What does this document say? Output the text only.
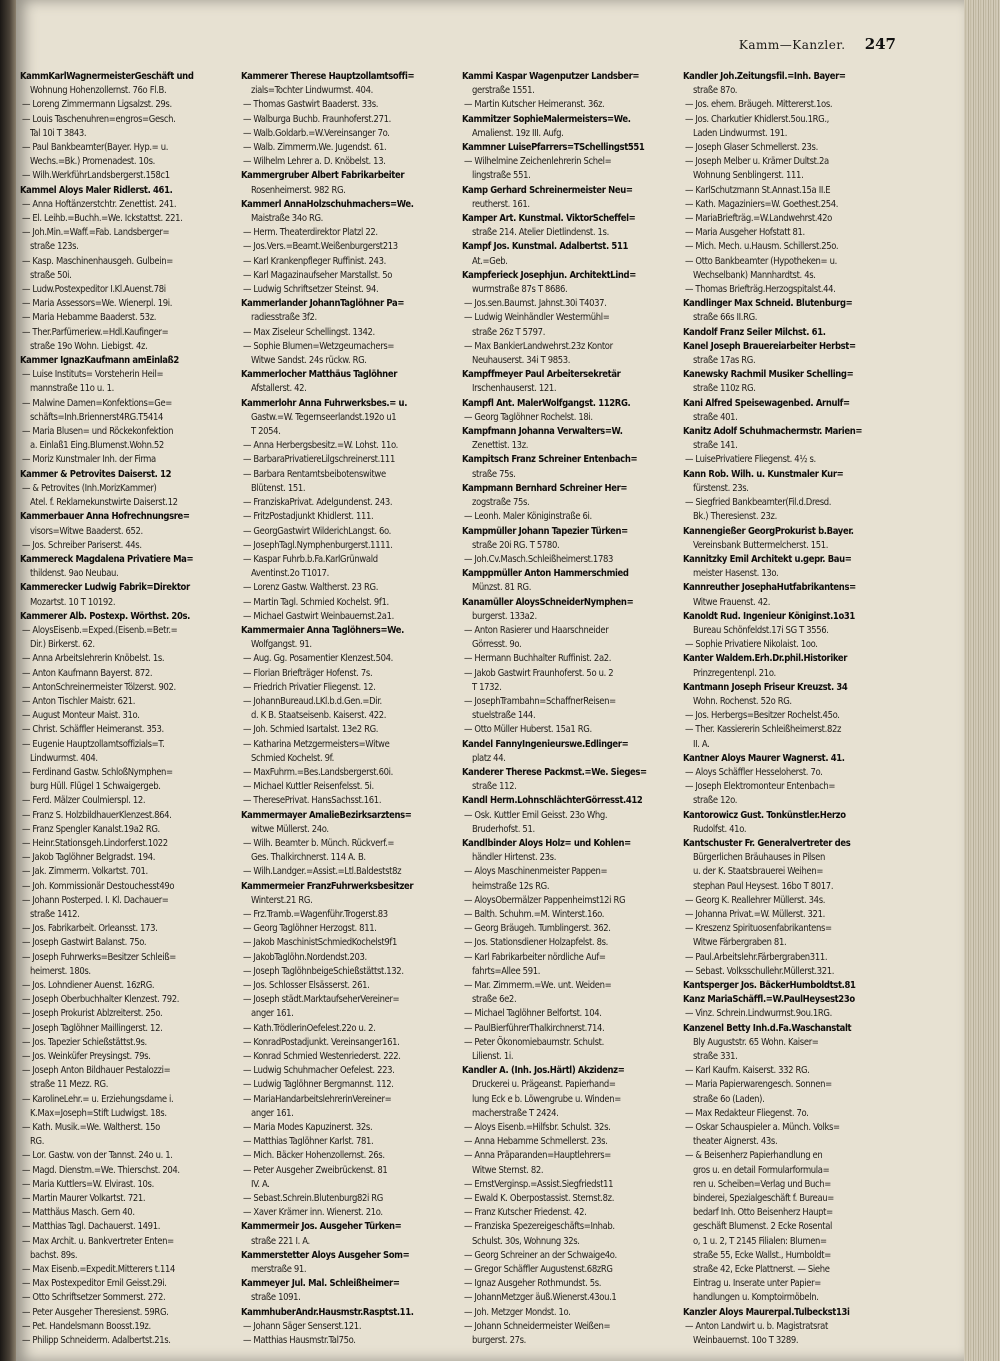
Kamm—Kanzler. 247
KammKarlWagnermeisterGeschäft und
Wohnung Hohenzollernst. 76o Fl.B.
— Loreng Zimmermann Ligsalzst. 29s.
— Louis Taschenuhren=engros=Gesch.
Tal 10i T 3843.
— Paul Bankbeamter(Bayer. Hyp.= u.
Wechs.=Bk.) Promenadest. 10s.
— Wilh.WerkführLandsbergerst.158c1
Kammel Aloys Maler Ridlerst. 461.
— Anna Hoftänzerstchtr. Zenettist. 241.
— El. Leihb.=Buchh.=We. Ickstattst. 221.
— Joh.Min.=Waff.=Fab. Landsberger=
straße 123s.
— Kasp. Maschinenhausgeh. Gulbein=
straße 50i.
— Ludw.Postexpeditor I.Kl.Auenst.78i
— Maria Assessors=We. Wienerpl. 19i.
— Maria Hebamme Baaderst. 53z.
— Ther.Parfümeriew.=Hdl.Kaufinger=
straße 19o Wohn. Liebigst. 4z.
Kammer IgnazKaufmann amEinlaß2
— Luise Instituts= Vorsteherin Heil=
mannstraße 11o u. 1.
— Malwine Damen=Konfektions=Ge=
schäfts=Inh.Briennerst4RG.T5414
— Maria Blusen= und Röckekonfektion
a. Einlaß1 Eing.Blumenst.Wohn.52
— Moriz Kunstmaler Inh. der Firma
Kammer & Petrovites Daiserst. 12
— & Petrovites (Inh.MorizKammer)
Atel. f. Reklamekunstwirte Daiserst.12
Kammerbauer Anna Hofrechnungsre=
visors=Witwe Baaderst. 652.
— Jos. Schreiber Pariserst. 44s.
Kammereck Magdalena Privatiere Ma=
thildenst. 9ao Neubau.
Kammerecker Ludwig Fabrik=Direktor
Mozartst. 10 T 10192.
Kammerer Alb. Postexp. Wörthst. 20s.
— AloysEisenb.=Exped.(Eisenb.=Betr.=
Dir.) Birkerst. 62.
— Anna Arbeitslehrerin Knöbelst. 1s.
— Anton Kaufmann Bayerst. 872.
— AntonSchreinermeister Tölzerst. 902.
— Anton Tischler Maistr. 621.
— August Monteur Maist. 31o.
— Christ. Schäffler Heimeranst. 353.
— Eugenie Hauptzollamtsoffizials=T.
Lindwurmst. 404.
— Ferdinand Gastw. SchloßNymphen=
burg Hüll. Flügel 1 Schwaigergeb.
— Ferd. Mälzer Coulmierspl. 12.
— Franz S. HolzbildhauerKlenzest.864.
— Franz Spengler Kanalst.19a2 RG.
— Heinr.Stationsgeh.Lindorferst.1022
— Jakob Taglöhner Belgradst. 194.
— Jak. Zimmerm. Volkartst. 701.
— Joh. Kommissionär Destouchesst49o
— Johann Posterped. I. Kl. Dachauer=
straße 1412.
— Jos. Fabrikarbeit. Orleansst. 173.
— Joseph Gastwirt Balanst. 75o.
— Joseph Fuhrwerks=Besitzer Schleiß=
heimerst. 180s.
— Jos. Lohndiener Auenst. 16zRG.
— Joseph Oberbuchhalter Klenzest. 792.
— Joseph Prokurist Ablzreiterst. 25o.
— Joseph Taglöhner Maillingerst. 12.
— Jos. Tapezier Schießstättst.9s.
— Jos. Weinküfer Preysingst. 79s.
— Joseph Anton Bildhauer Pestalozzi=
straße 11 Mezz. RG.
— KarolineLehr.= u. Erziehungsdame i.
K.Max=Joseph=Stift Ludwigst. 18s.
— Kath. Musik.=We. Waltherst. 15o
RG.
— Lor. Gastw. von der Tannst. 24o u. 1.
— Magd. Dienstm.=We. Thierschst. 204.
— Maria Kuttlers=W. Elvirast. 10s.
— Martin Maurer Volkartst. 721.
— Matthäus Masch. Gern 40.
— Matthias Tagl. Dachauerst. 1491.
— Max Archit. u. Bankvertreter Enten=
bachst. 89s.
— Max Eisenb.=Expedit.Mitterers t.114
— Max Postexpeditor Emil Geisst.29i.
— Otto Schriftsetzer Sommerst. 272.
— Peter Ausgeher Theresienst. 59RG.
— Pet. Handelsmann Boosst.19z.
— Philipp Schneiderm. Adalbertst.21s.
Kammerer Therese Hauptzollamtsoffi=
zials=Tochter Lindwurmst. 404.
— Thomas Gastwirt Baaderst. 33s.
— Walburga Buchb. Fraunhoferst.271.
— Walb.Goldarb.=W.Vereinsanger 7o.
— Walb. Zimmerm.We. Jugendst. 61.
— Wilhelm Lehrer a. D. Knöbelst. 13.
Kammergruber Albert Fabrikarbeiter
Rosenheimerst. 982 RG.
Kammerl AnnaHolzschuhmachers=We.
Maistraße 34o RG.
— Herm. Theaterdirektor Platzl 22.
— Jos.Vers.=Beamt.Weißenburgerst213
— Karl Krankenpfleger Ruffinist. 243.
— Karl Magazinaufseher Marstallst. 5o
— Ludwig Schriftsetzer Steinst. 94.
Kammerlander JohannTaglöhner Pa=
radiesstraße 3f2.
— Max Ziseleur Schellingst. 1342.
— Sophie Blumen=Wetzgeumachers=
Witwe Sandst. 24s rückw. RG.
Kammerlocher Matthäus Taglöhner
Afstallerst. 42.
Kammerlohr Anna Fuhrwerksbes.= u.
Gastw.=W. Tegernseerlandst.192o u1
T 2054.
— Anna Herbergsbesitz.=W. Lohst. 11o.
— BarbaraPrivatiereLilgschreinerst.111
— Barbara Rentamtsbeibotenswitwe
Blütenst. 151.
— FranziskaPrivat. Adelgundenst. 243.
— FritzPostadjunkt Khidlerst. 111.
— GeorgGastwirt WilderichLangst. 6o.
— JosephTagl.Nymphenburgerst.1111.
— Kaspar Fuhrb.b.Fa.KarlGrünwald
Aventinst.2o T1017.
— Lorenz Gastw. Waltherst. 23 RG.
— Martin Tagl. Schmied Kochelst. 9f1.
— Michael Gastwirt Weinbauernst.2a1.
Kammermaier Anna Taglöhners=We.
Wolfgangst. 91.
— Aug. Gg. Posamentier Klenzest.504.
— Florian Briefträger Hofenst. 7s.
— Friedrich Privatier Fliegenst. 12.
— JohannBureaud.LKl.b.d.Gen.=Dir.
d. K B. Staatseisenb. Kaiserst. 422.
— Joh. Schmied Isartalst. 13e2 RG.
— Katharina Metzgermeisters=Witwe
Schmied Kochelst. 9f.
— MaxFuhrm.=Bes.Landsbergerst.60i.
— Michael Kuttler Reisenfelsst. 5i.
— TheresePrivat. HansSachsst.161.
Kammermayer AmalieBezirksarztens=
witwe Müllerst. 24o.
— Wilh. Beamter b. Münch. Rückverf.=
Ges. Thalkirchnerst. 114 A. B.
— Wilh.Landger.=Assist.=Ltl.Baldestst8z
Kammermeier FranzFuhrwerksbesitzer
Winterst.21 RG.
— Frz.Tramb.=Wagenführ.Trogerst.83
— Georg Taglöhner Herzogst. 811.
— Jakob MaschinistSchmiedKochelst9f1
— JakobTaglöhn.Nordendst.203.
— Joseph TaglöhnbeigeSchießstättst.132.
— Jos. Schlosser Elsässerst. 261.
— Joseph städt.MarktaufseherVereiner=
anger 161.
— Kath.TrödlerinOefelest.22o u. 2.
— KonradPostadjunkt. Vereinsanger161.
— Konrad Schmied Westenriederst. 222.
— Ludwig Schuhmacher Oefelest. 223.
— Ludwig Taglöhner Bergmannst. 112.
— MariaHandarbeitslehrerinVereiner=
anger 161.
— Maria Modes Kapuzinerst. 32s.
— Matthias Taglöhner Karlst. 781.
— Mich. Bäcker Hohenzollernst. 26s.
— Peter Ausgeher Zweibrückenst. 81
IV. A.
— Sebast.Schrein.Blutenburg82i RG
— Xaver Krämer inn. Wienerst. 21o.
Kammermeir Jos. Ausgeher Türken=
straße 221 I. A.
Kammerstetter Aloys Ausgeher Som=
merstraße 91.
Kammeyer Jul. Mal. Schleißheimer=
straße 1091.
KammhuberAndr.Hausmstr.Rasptst.11.
— Johann Säger Senserst.121.
— Matthias Hausmstr.Tal75o.
Kammi Kaspar Wagenputzer Landsber=
gerstraße 1551.
— Martin Kutscher Heimeranst. 36z.
Kammitzer SophieMalermeisters=We.
Amalienst. 19z III. Aufg.
Kammner LuisePfarrers=TSchellingst551
— Wilhelmine Zeichenlehrerin Schel=
lingstraße 551.
Kamp Gerhard Schreinermeister Neu=
reutherst. 161.
Kamper Art. Kunstmal. ViktorScheffel=
straße 214. Atelier Dietlindenst. 1s.
Kampf Jos. Kunstmal. Adalbertst. 511
At.=Geb.
Kampferieck Josephjun. ArchitektLind=
wurmstraße 87s T 8686.
— Jos.sen.Baumst. Jahnst.30i T4037.
— Ludwig Weinhändler Westermühl=
straße 26z T 5797.
— Max BankierLandwehrst.23z Kontor
Neuhauserst. 34i T 9853.
Kampffmeyer Paul Arbeitersekretär
Irschenhauserst. 121.
Kampfl Ant. MalerWolfgangst. 112RG.
— Georg Taglöhner Rochelst. 18i.
Kampfmann Johanna Verwalters=W.
Zenettist. 13z.
Kampitsch Franz Schreiner Entenbach=
straße 75s.
Kampmann Bernhard Schreiner Her=
zogstraße 75s.
— Leonh. Maler Königinstraße 6i.
Kampmüller Johann Tapezier Türken=
straße 20i RG. T 5780.
— Joh.Cv.Masch.Schleißheimerst.1783
Kamppmüller Anton Hammerschmied
Münzst. 81 RG.
Kanamüller AloysSchneiderNymphen=
burgerst. 133a2.
— Anton Rasierer und Haarschneider
Görresst. 9o.
— Hermann Buchhalter Ruffinist. 2a2.
— Jakob Gastwirt Fraunhoferst. 5o u. 2
T 1732.
— JosephTrambahn=SchaffnerReisen=
stuelstraße 144.
— Otto Müller Huberst. 15a1 RG.
Kandel FannyIngenieurswe.Edlinger=
platz 44.
Kanderer Therese Packmst.=We. Sieges=
straße 112.
Kandl Herm.LohnschlächterGörresst.412
— Osk. Kuttler Emil Geisst. 23o Whg.
Bruderhofst. 51.
Kandlbinder Aloys Holz= und Kohlen=
händler Hirtenst. 23s.
— Aloys Maschinenmeister Pappen=
heimstraße 12s RG.
— AloysObermälzer Pappenheimst12i RG
— Balth. Schuhm.=M. Winterst.16o.
— Georg Bräugeh. Tumblingerst. 362.
— Jos. Stationsdiener Holzapfelst. 8s.
— Karl Fabrikarbeiter nördliche Auf=
fahrts=Allee 591.
— Mar. Zimmerm.=We. unt. Weiden=
straße 6e2.
— Michael Taglöhner Belfortst. 104.
— PaulBierführerThalkirchnerst.714.
— Peter Ökonomiebaumstr. Schulst.
Lilienst. 1i.
Kandler A. (Inh. Jos.Härtl) Akzidenz=
Druckerei u. Prägeanst. Papierhand=
lung Eck e b. Löwengrube u. Winden=
macherstraße T 2424.
— Aloys Eisenb.=Hilfsbr. Schulst. 32s.
— Anna Hebamme Schmellerst. 23s.
— Anna Präparanden=Hauptlehrers=
Witwe Sternst. 82.
— ErnstVerginsp.=Assist.Siegfriedst11
— Ewald K. Oberpostassist. Sternst.8z.
— Franz Kutscher Friedenst. 42.
— Franziska Spezereigeschäfts=Inhab.
Schulst. 30s, Wohnung 32s.
— Georg Schreiner an der Schwaige4o.
— Gregor Schäffler Augustenst.68zRG
— Ignaz Ausgeher Rothmundst. 5s.
— JohannMetzger äuß.Wienerst.43ou.1
— Joh. Metzger Mondst. 1o.
— Johann Schneidermeister Weißen=
burgerst. 27s.
Kandler Joh.Zeitungsfil.=Inh. Bayer=
straße 87o.
— Jos. ehem. Bräugeh. Mittererst.1os.
— Jos. Charkutier Khidlerst.5ou.1RG.,
Laden Lindwurmst. 191.
— Joseph Glaser Schmellerst. 23s.
— Joseph Melber u. Krämer Dultst.2a
Wohnung Senblingerst. 111.
— KarlSchutzmann St.Annast.15a II.E
— Kath. Magaziniers=W. Goethest.254.
— MariaBriefträg.=W.Landwehrst.42o
— Maria Ausgeher Hofstatt 81.
— Mich. Mech. u.Hausm. Schillerst.25o.
— Otto Bankbeamter (Hypotheken= u.
Wechselbank) Mannhardtst. 4s.
— Thomas Briefträg.Herzogspitalst.44.
Kandlinger Max Schneid. Blutenburg=
straße 66s II.RG.
Kandolf Franz Seiler Milchst. 61.
Kanel Joseph Brauereiarbeiter Herbst=
straße 17as RG.
Kanewsky Rachmil Musiker Schelling=
straße 110z RG.
Kani Alfred Speisewagenbed. Arnulf=
straße 401.
Kanitz Adolf Schuhmachermstr. Marien=
straße 141.
— LuisePrivatiere Fliegenst. 4½ s.
Kann Rob. Wilh. u. Kunstmaler Kur=
fürstenst. 23s.
— Siegfried Bankbeamter(Fil.d.Dresd.
Bk.) Theresienst. 23z.
Kannengießer GeorgProkurist b.Bayer.
Vereinsbank Buttermelcherst. 151.
Kannitzky Emil Architekt u.gepr. Bau=
meister Hasenst. 13o.
Kannreuther JosephaHutfabrikantens=
Witwe Frauenst. 42.
Kanoldt Rud. Ingenieur Königinst.1o31
Bureau Schönfeldst.17i SG T 3556.
— Sophie Privatiere Nikolaist. 1oo.
Kanter Waldem.Erh.Dr.phil.Historiker
Prinzregentenpl. 21o.
Kantmann Joseph Friseur Kreuzst. 34
Wohn. Rochenst. 52o RG.
— Jos. Herbergs=Besitzer Rochelst.45o.
— Ther. Kassiererin Schleißheimerst.82z
II. A.
Kantner Aloys Maurer Wagnerst. 41.
— Aloys Schäffler Hesseloherst. 7o.
— Joseph Elektromonteur Entenbach=
straße 12o.
Kantorowicz Gust. Tonkünstler.Herzo
Rudolfst. 41o.
Kantschuster Fr. Generalvertreter des
Bürgerlichen Bräuhauses in Pilsen
u. der K. Staatsbrauerei Weihen=
stephan Paul Heysest. 16bo T 8017.
— Georg K. Reallehrer Müllerst. 34s.
— Johanna Privat.=W. Müllerst. 321.
— Kreszenz Spirituosenfabrikantens=
Witwe Färbergraben 81.
— Paul.Arbeitslehr.Färbergraben311.
— Sebast. Volksschullehr.Müllerst.321.
Kantsperger Jos. BäckerHumboldtst.81
Kanz MariaSchäffl.=W.PaulHeysest23o
— Vinz. Schrein.Lindwurmst.9ou.1RG.
Kanzenel Betty Inh.d.Fa.Waschanstalt
Bly Auguststr. 65 Wohn. Kaiser=
straße 331.
— Karl Kaufm. Kaiserst. 332 RG.
— Maria Papierwarengesch. Sonnen=
straße 6o (Laden).
— Max Redakteur Fliegenst. 7o.
— Oskar Schauspieler a. Münch. Volks=
theater Aignerst. 43s.
— & Beisenherz Papierhandlung en
gros u. en detail Formularformula=
ren u. Scheiben=Verlag und Buch=
binderei, Spezialgeschäft f. Bureau=
bedarf Inh. Otto Beisenherz Haupt=
geschäft Blumenst. 2 Ecke Rosental
o, 1 u. 2, T 2145 Filialen: Blumen=
straße 55, Ecke Wallst., Humboldt=
straße 42, Ecke Plattnerst. — Siehe
Eintrag u. Inserate unter Papier=
handlungen u. Komptoirmöbeln.
Kanzler Aloys Maurerpal.Tulbeckst13i
— Anton Landwirt u. b. Magistratsrat
Weinbauernst. 10o T 3289.
